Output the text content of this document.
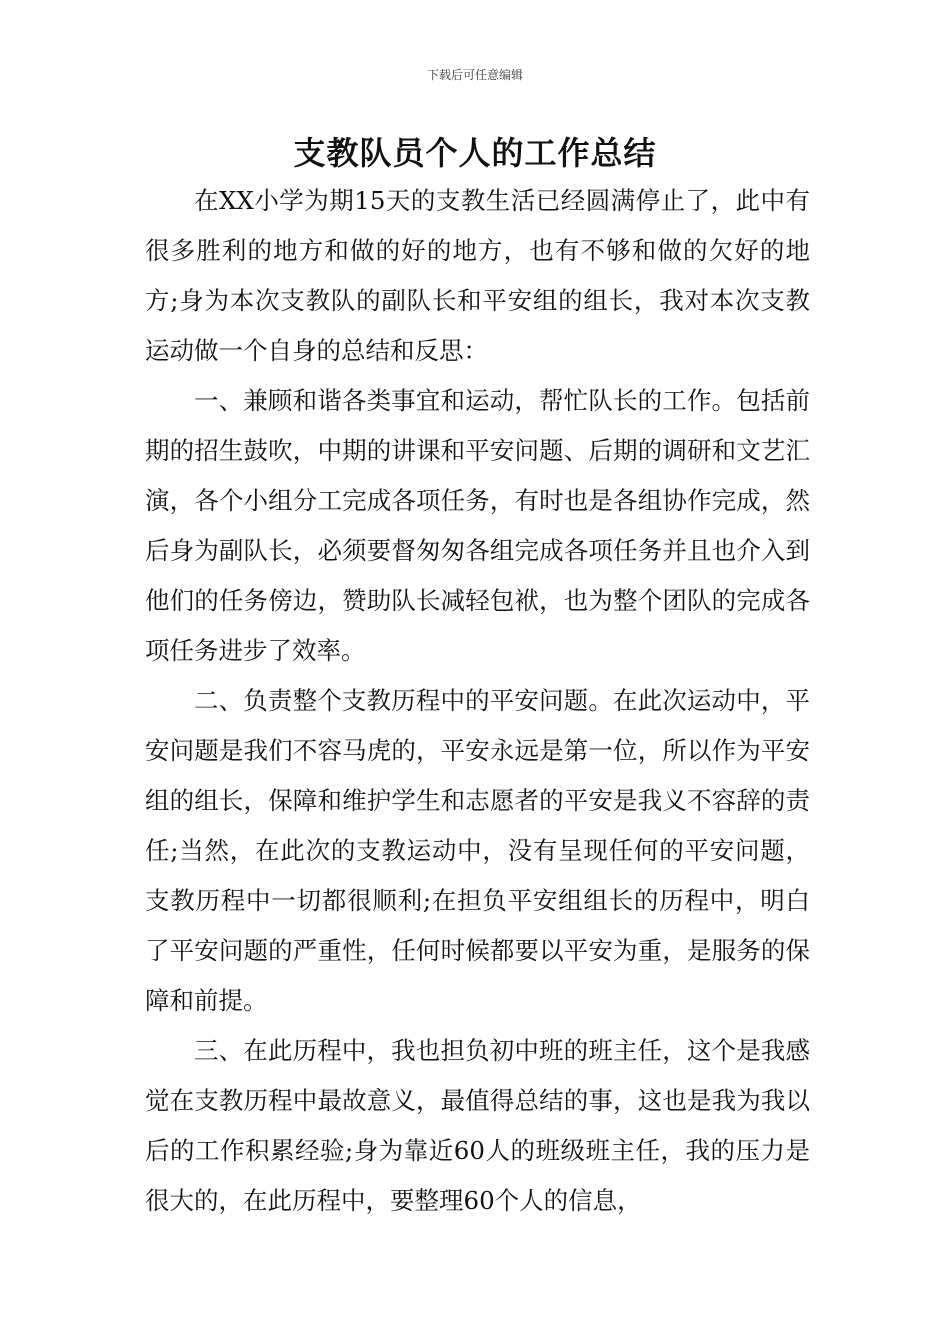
下载后可任意编辑
支教队员个人的工作总结

在XX小学为期15天的支教生活已经圆满停止了，此中有很多胜利的地方和做的好的地方，也有不够和做的欠好的地方;身为本次支教队的副队长和平安组的组长，我对本次支教运动做一个自身的总结和反思：

一、兼顾和谐各类事宜和运动，帮忙队长的工作。包括前期的招生鼓吹，中期的讲课和平安问题、后期的调研和文艺汇演，各个小组分工完成各项任务，有时也是各组协作完成，然后身为副队长，必须要督匆匆各组完成各项任务并且也介入到他们的任务傍边，赞助队长减轻包袱，也为整个团队的完成各项任务进步了效率。

二、负责整个支教历程中的平安问题。在此次运动中，平安问题是我们不容马虎的，平安永远是第一位，所以作为平安组的组长，保障和维护学生和志愿者的平安是我义不容辞的责任;当然，在此次的支教运动中，没有呈现任何的平安问题，支教历程中一切都很顺利;在担负平安组组长的历程中，明白了平安问题的严重性，任何时候都要以平安为重，是服务的保障和前提。

三、在此历程中，我也担负初中班的班主任，这个是我感觉在支教历程中最故意义，最值得总结的事，这也是我为我以后的工作积累经验;身为靠近60人的班级班主任，我的压力是很大的，在此历程中，要整理60个人的信息，
